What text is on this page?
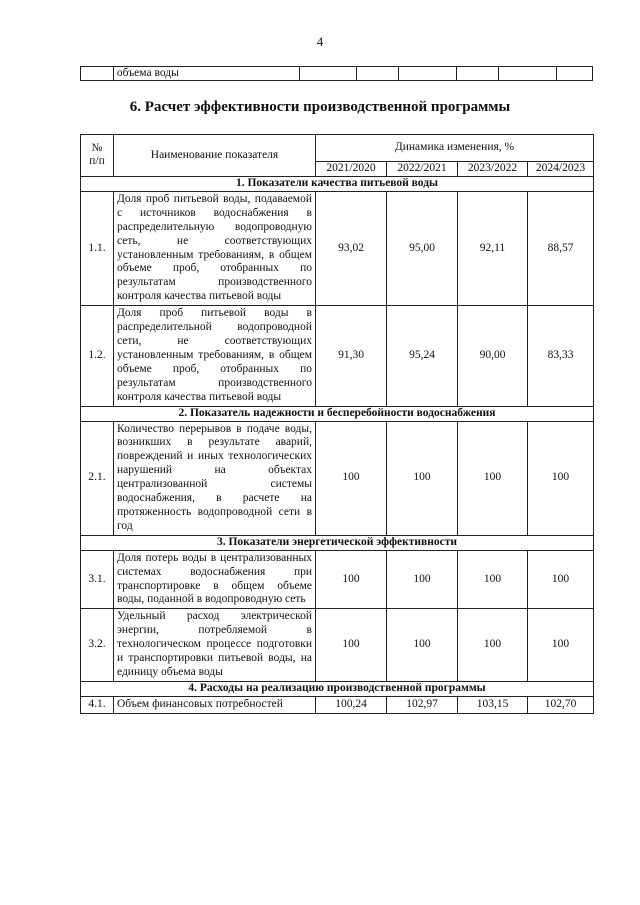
4
	объема воды						
6. Расчет эффективности производственной программы
№
п/п	Наименование показателя	Динамика изменения, %			
		2021/2020	2022/2021	2023/2022	2024/2023
1. Показатели качества питьевой воды					
1.1.	Доля проб питьевой воды, подаваемой с источников водоснабжения в распределительную водопроводную сеть, не соответствующих установленным требованиям, в общем объеме проб, отобранных по результатам производственного контроля качества питьевой воды	93,02	95,00	92,11	88,57
1.2.	Доля проб питьевой воды в распределительной водопроводной сети, не соответствующих установленным требованиям, в общем объеме проб, отобранных по результатам производственного контроля качества питьевой воды	91,30	95,24	90,00	83,33
2. Показатель надежности и бесперебойности водоснабжения					
2.1.	Количество перерывов в подаче воды, возникших в результате аварий, повреждений и иных технологических нарушений на объектах централизованной системы водоснабжения, в расчете на протяженность водопроводной сети в год	100	100	100	100
3. Показатели энергетической эффективности					
3.1.	Доля потерь воды в централизованных системах водоснабжения при транспортировке в общем объеме воды, поданной в водопроводную сеть	100	100	100	100
3.2.	Удельный расход электрической энергии, потребляемой в технологическом процессе подготовки и транспортировки питьевой воды, на единицу объема воды	100	100	100	100
4. Расходы на реализацию производственной программы					
4.1.	Объем финансовых потребностей	100,24	102,97	103,15	102,70
